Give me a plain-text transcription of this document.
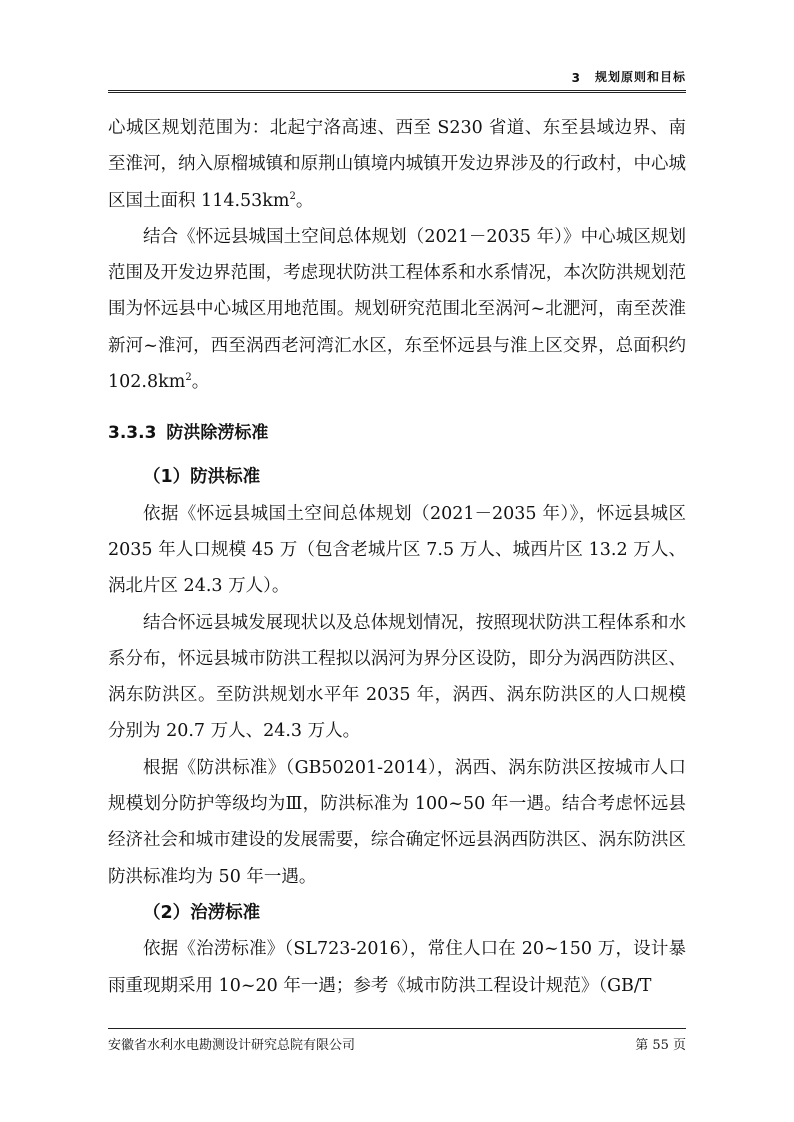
3 规划原则和目标

心城区规划范围为：北起宁洛高速、西至 S230 省道、东至县域边界、南至淮河，纳入原榴城镇和原荆山镇境内城镇开发边界涉及的行政村，中心城区国土面积 $114.53km^2$。

结合《怀远县城国土空间总体规划（2021－2035 年）》中心城区规划范围及开发边界范围，考虑现状防洪工程体系和水系情况，本次防洪规划范围为怀远县中心城区用地范围。规划研究范围北至涡河~北淝河，南至茨淮新河~淮河，西至涡西老河湾汇水区，东至怀远县与淮上区交界，总面积约 $102.8km^2$。

3.3.3 防洪除涝标准
（1）防洪标准

依据《怀远县城国土空间总体规划（2021－2035 年）》，怀远县城区 2035 年人口规模 45 万（包含老城片区 7.5 万人、城西片区 13.2 万人、涡北片区 24.3 万人）。

结合怀远县城发展现状以及总体规划情况，按照现状防洪工程体系和水系分布，怀远县城市防洪工程拟以涡河为界分区设防，即分为涡西防洪区、涡东防洪区。至防洪规划水平年 2035 年，涡西、涡东防洪区的人口规模分别为 20.7 万人、24.3 万人。

根据《防洪标准》（GB50201-2014），涡西、涡东防洪区按城市人口规模划分防护等级均为Ⅲ，防洪标准为 100~50 年一遇。结合考虑怀远县经济社会和城市建设的发展需要，综合确定怀远县涡西防洪区、涡东防洪区防洪标准均为 50 年一遇。

（2）治涝标准

依据《治涝标准》（SL723-2016），常住人口在 20~150 万，设计暴雨重现期采用 10~20 年一遇；参考《城市防洪工程设计规范》（GB/T

安徽省水利水电勘测设计研究总院有限公司	第 55 页
